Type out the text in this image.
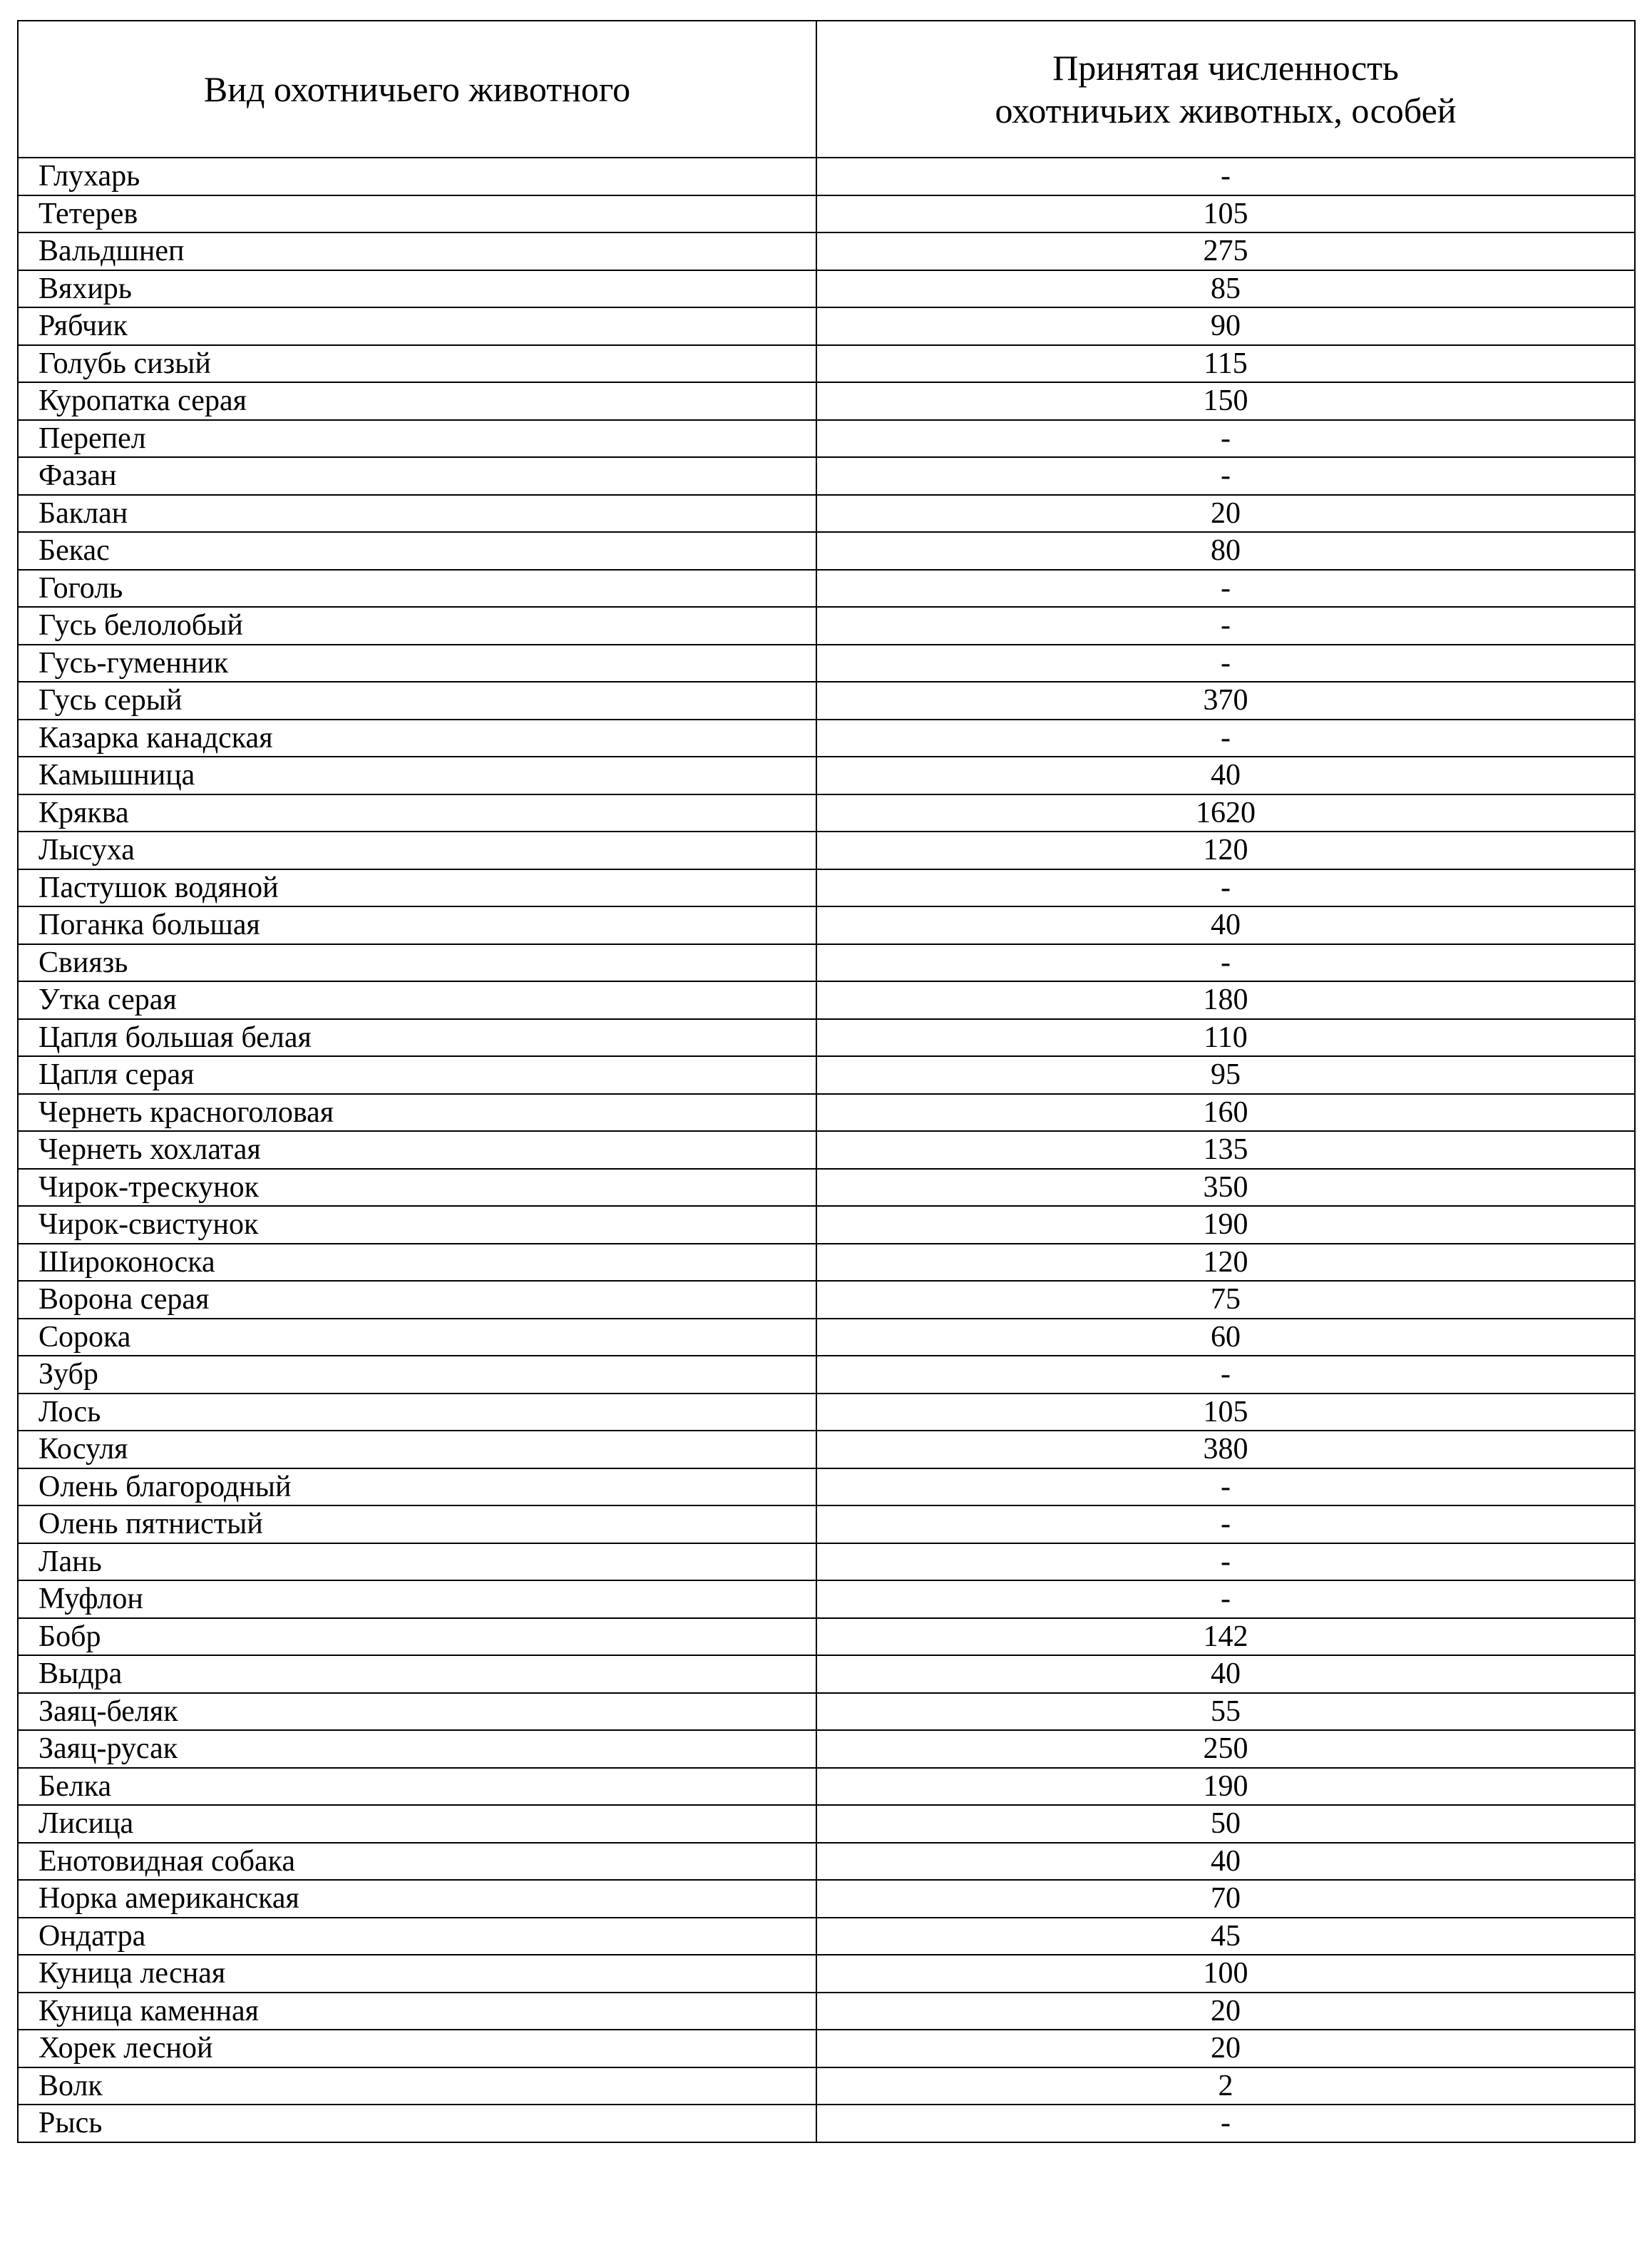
Вид охотничьего животного	Принятая численность
охотничьих животных, особей

Глухарь	-
Тетерев	105
Вальдшнеп	275
Вяхирь	85
Рябчик	90
Голубь сизый	115
Куропатка серая	150
Перепел	-
Фазан	-
Баклан	20
Бекас	80
Гоголь	-
Гусь белолобый	-
Гусь-гуменник	-
Гусь серый	370
Казарка канадская	-
Камышница	40
Кряква	1620
Лысуха	120
Пастушок водяной	-
Поганка большая	40
Свиязь	-
Утка серая	180
Цапля большая белая	110
Цапля серая	95
Чернеть красноголовая	160
Чернеть хохлатая	135
Чирок-трескунок	350
Чирок-свистунок	190
Широконоска	120
Ворона серая	75
Сорока	60
Зубр	-
Лось	105
Косуля	380
Олень благородный	-
Олень пятнистый	-
Лань	-
Муфлон	-
Бобр	142
Выдра	40
Заяц-беляк	55
Заяц-русак	250
Белка	190
Лисица	50
Енотовидная собака	40
Норка американская	70
Ондатра	45
Куница лесная	100
Куница каменная	20
Хорек лесной	20
Волк	2
Рысь	-
